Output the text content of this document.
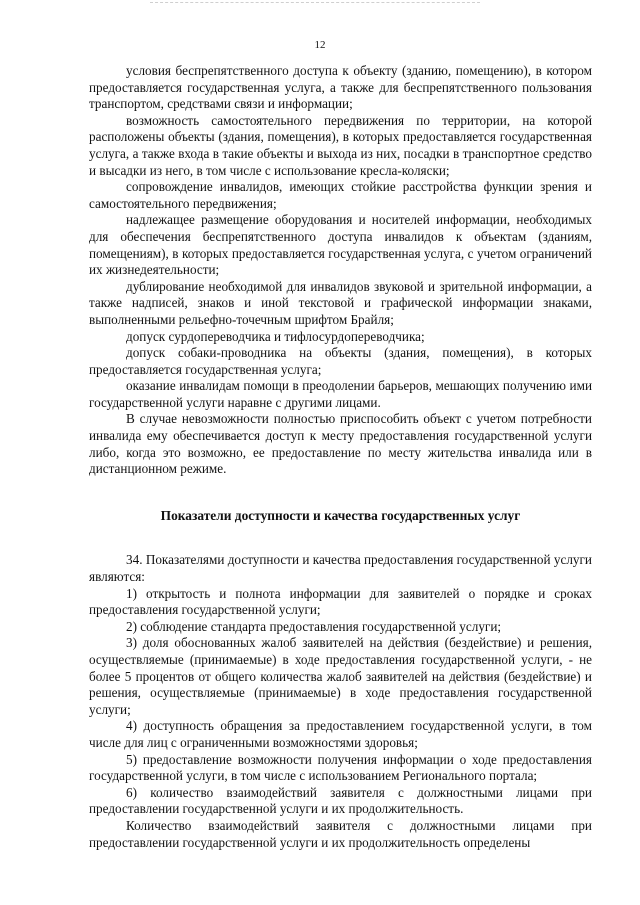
12

условия беспрепятственного доступа к объекту (зданию, помещению), в котором предоставляется государственная услуга, а также для беспрепятственного пользования транспортом, средствами связи и информации;

возможность самостоятельного передвижения по территории, на которой расположены объекты (здания, помещения), в которых предоставляется государственная услуга, а также входа в такие объекты и выхода из них, посадки в транспортное средство и высадки из него, в том числе с использование кресла-коляски;

сопровождение инвалидов, имеющих стойкие расстройства функции зрения и самостоятельного передвижения;

надлежащее размещение оборудования и носителей информации, необходимых для обеспечения беспрепятственного доступа инвалидов к объектам (зданиям, помещениям), в которых предоставляется государственная услуга, с учетом ограничений их жизнедеятельности;

дублирование необходимой для инвалидов звуковой и зрительной информации, а также надписей, знаков и иной текстовой и графической информации знаками, выполненными рельефно-точечным шрифтом Брайля;

допуск сурдопереводчика и тифлосурдопереводчика;

допуск собаки-проводника на объекты (здания, помещения), в которых предоставляется государственная услуга;

оказание инвалидам помощи в преодолении барьеров, мешающих получению ими государственной услуги наравне с другими лицами.

В случае невозможности полностью приспособить объект с учетом потребности инвалида ему обеспечивается доступ к месту предоставления государственной услуги либо, когда это возможно, ее предоставление по месту жительства инвалида или в дистанционном режиме.

Показатели доступности и качества государственных услуг

34. Показателями доступности и качества предоставления государственной услуги являются:

1) открытость и полнота информации для заявителей о порядке и сроках предоставления государственной услуги;

2) соблюдение стандарта предоставления государственной услуги;

3) доля обоснованных жалоб заявителей на действия (бездействие) и решения, осуществляемые (принимаемые) в ходе предоставления государственной услуги, - не более 5 процентов от общего количества жалоб заявителей на действия (бездействие) и решения, осуществляемые (принимаемые) в ходе предоставления государственной услуги;

4) доступность обращения за предоставлением государственной услуги, в том числе для лиц с ограниченными возможностями здоровья;

5) предоставление возможности получения информации о ходе предоставления государственной услуги, в том числе с использованием Регионального портала;

6) количество взаимодействий заявителя с должностными лицами при предоставлении государственной услуги и их продолжительность.

Количество взаимодействий заявителя с должностными лицами при предоставлении государственной услуги и их продолжительность определены
